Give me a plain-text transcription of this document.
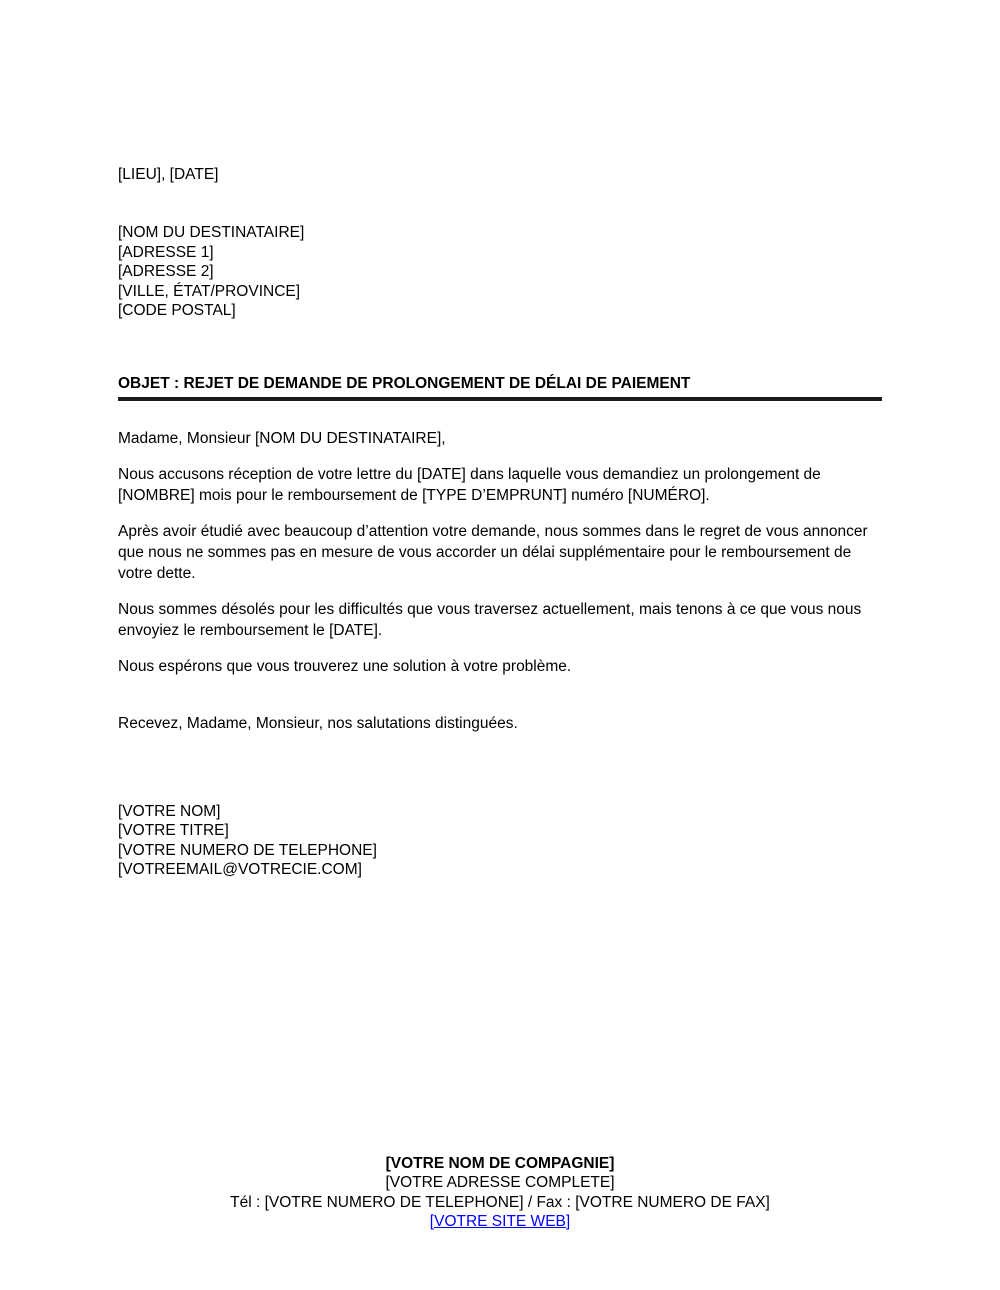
[LIEU], [DATE]
[NOM DU DESTINATAIRE]
[ADRESSE 1]
[ADRESSE 2]
[VILLE, ÉTAT/PROVINCE]
[CODE POSTAL]
OBJET : REJET DE DEMANDE DE PROLONGEMENT DE DÉLAI DE PAIEMENT
Madame, Monsieur [NOM DU DESTINATAIRE],

Nous accusons réception de votre lettre du [DATE] dans laquelle vous demandiez un prolongement de [NOMBRE] mois pour le remboursement de [TYPE D’EMPRUNT] numéro [NUMÉRO].

Après avoir étudié avec beaucoup d’attention votre demande, nous sommes dans le regret de vous annoncer que nous ne sommes pas en mesure de vous accorder un délai supplémentaire pour le remboursement de votre dette.

Nous sommes désolés pour les difficultés que vous traversez actuellement, mais tenons à ce que vous nous envoyiez le remboursement le [DATE].

Nous espérons que vous trouverez une solution à votre problème.

Recevez, Madame, Monsieur, nos salutations distinguées.
[VOTRE NOM]
[VOTRE TITRE]
[VOTRE NUMERO DE TELEPHONE]
[VOTREEMAIL@VOTRECIE.COM]
[VOTRE NOM DE COMPAGNIE]
[VOTRE ADRESSE COMPLETE]
Tél : [VOTRE NUMERO DE TELEPHONE] / Fax : [VOTRE NUMERO DE FAX]
[VOTRE SITE WEB]
